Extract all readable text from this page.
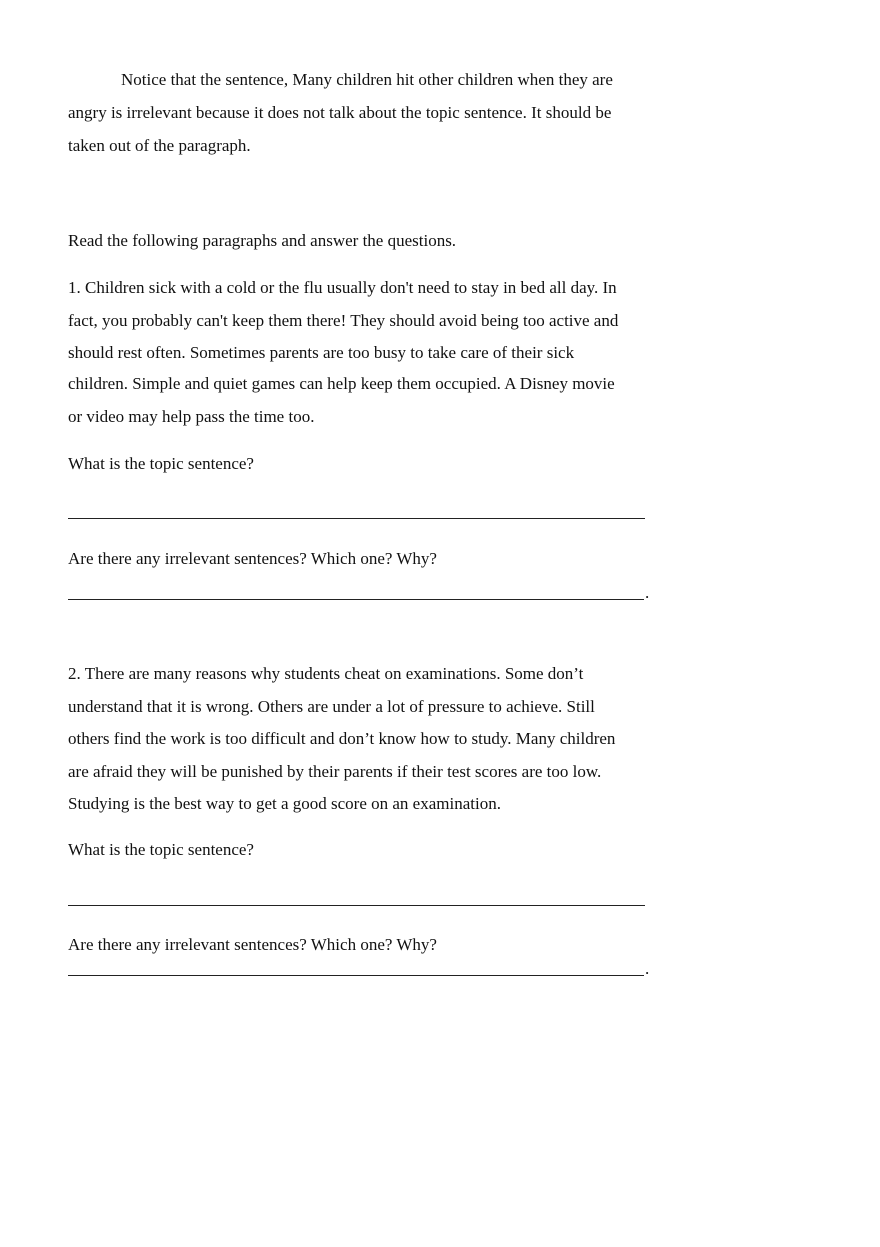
Notice that the sentence, Many children hit other children when they are

angry is irrelevant because it does not talk about the topic sentence. It should be

taken out of the paragraph.

Read the following paragraphs and answer the questions.

1. Children sick with a cold or the flu usually don't need to stay in bed all day. In

fact, you probably can't keep them there! They should avoid being too active and

should rest often. Sometimes parents are too busy to take care of their sick

children. Simple and quiet games can help keep them occupied. A Disney movie

or video may help pass the time too.

What is the topic sentence?

Are there any irrelevant sentences? Which one? Why?

.

2. There are many reasons why students cheat on examinations. Some don’t

understand that it is wrong. Others are under a lot of pressure to achieve. Still

others find the work is too difficult and don’t know how to study. Many children

are afraid they will be punished by their parents if their test scores are too low.

Studying is the best way to get a good score on an examination.

What is the topic sentence?

Are there any irrelevant sentences? Which one? Why?

.
